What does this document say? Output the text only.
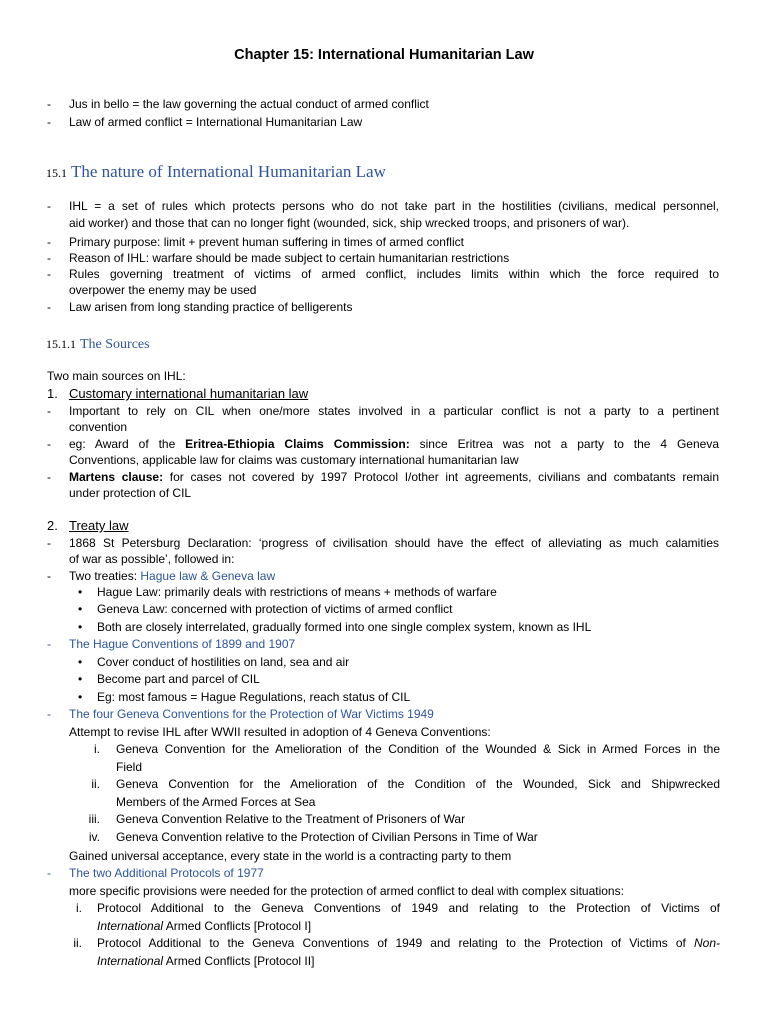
Chapter 15: International Humanitarian Law
- Jus in bello = the law governing the actual conduct of armed conflict
- Law of armed conflict = International Humanitarian Law
15.1 The nature of International Humanitarian Law
- IHL = a set of rules which protects persons who do not take part in the hostilities (civilians, medical personnel,
aid worker) and those that can no longer fight (wounded, sick, ship wrecked troops, and prisoners of war).
- Primary purpose: limit + prevent human suffering in times of armed conflict
- Reason of IHL: warfare should be made subject to certain humanitarian restrictions
- Rules governing treatment of victims of armed conflict, includes limits within which the force required to
overpower the enemy may be used
- Law arisen from long standing practice of belligerents
15.1.1 The Sources
Two main sources on IHL:
1. Customary international humanitarian law
- Important to rely on CIL when one/more states involved in a particular conflict is not a party to a pertinent
convention
- eg: Award of the Eritrea-Ethiopia Claims Commission: since Eritrea was not a party to the 4 Geneva
Conventions, applicable law for claims was customary international humanitarian law
- Martens clause: for cases not covered by 1997 Protocol I/other int agreements, civilians and combatants remain
under protection of CIL
2. Treaty law
- 1868 St Petersburg Declaration: ‘progress of civilisation should have the effect of alleviating as much calamities
of war as possible’, followed in:
- Two treaties: Hague law & Geneva law
• Hague Law: primarily deals with restrictions of means + methods of warfare
• Geneva Law: concerned with protection of victims of armed conflict
• Both are closely interrelated, gradually formed into one single complex system, known as IHL
- The Hague Conventions of 1899 and 1907
• Cover conduct of hostilities on land, sea and air
• Become part and parcel of CIL
• Eg: most famous = Hague Regulations, reach status of CIL
- The four Geneva Conventions for the Protection of War Victims 1949
Attempt to revise IHL after WWII resulted in adoption of 4 Geneva Conventions:
i. Geneva Convention for the Amelioration of the Condition of the Wounded & Sick in Armed Forces in the
Field
ii. Geneva Convention for the Amelioration of the Condition of the Wounded, Sick and Shipwrecked
Members of the Armed Forces at Sea
iii. Geneva Convention Relative to the Treatment of Prisoners of War
iv. Geneva Convention relative to the Protection of Civilian Persons in Time of War
Gained universal acceptance, every state in the world is a contracting party to them
- The two Additional Protocols of 1977
more specific provisions were needed for the protection of armed conflict to deal with complex situations:
i. Protocol Additional to the Geneva Conventions of 1949 and relating to the Protection of Victims of
International Armed Conflicts [Protocol I]
ii. Protocol Additional to the Geneva Conventions of 1949 and relating to the Protection of Victims of Non-
International Armed Conflicts [Protocol II]
